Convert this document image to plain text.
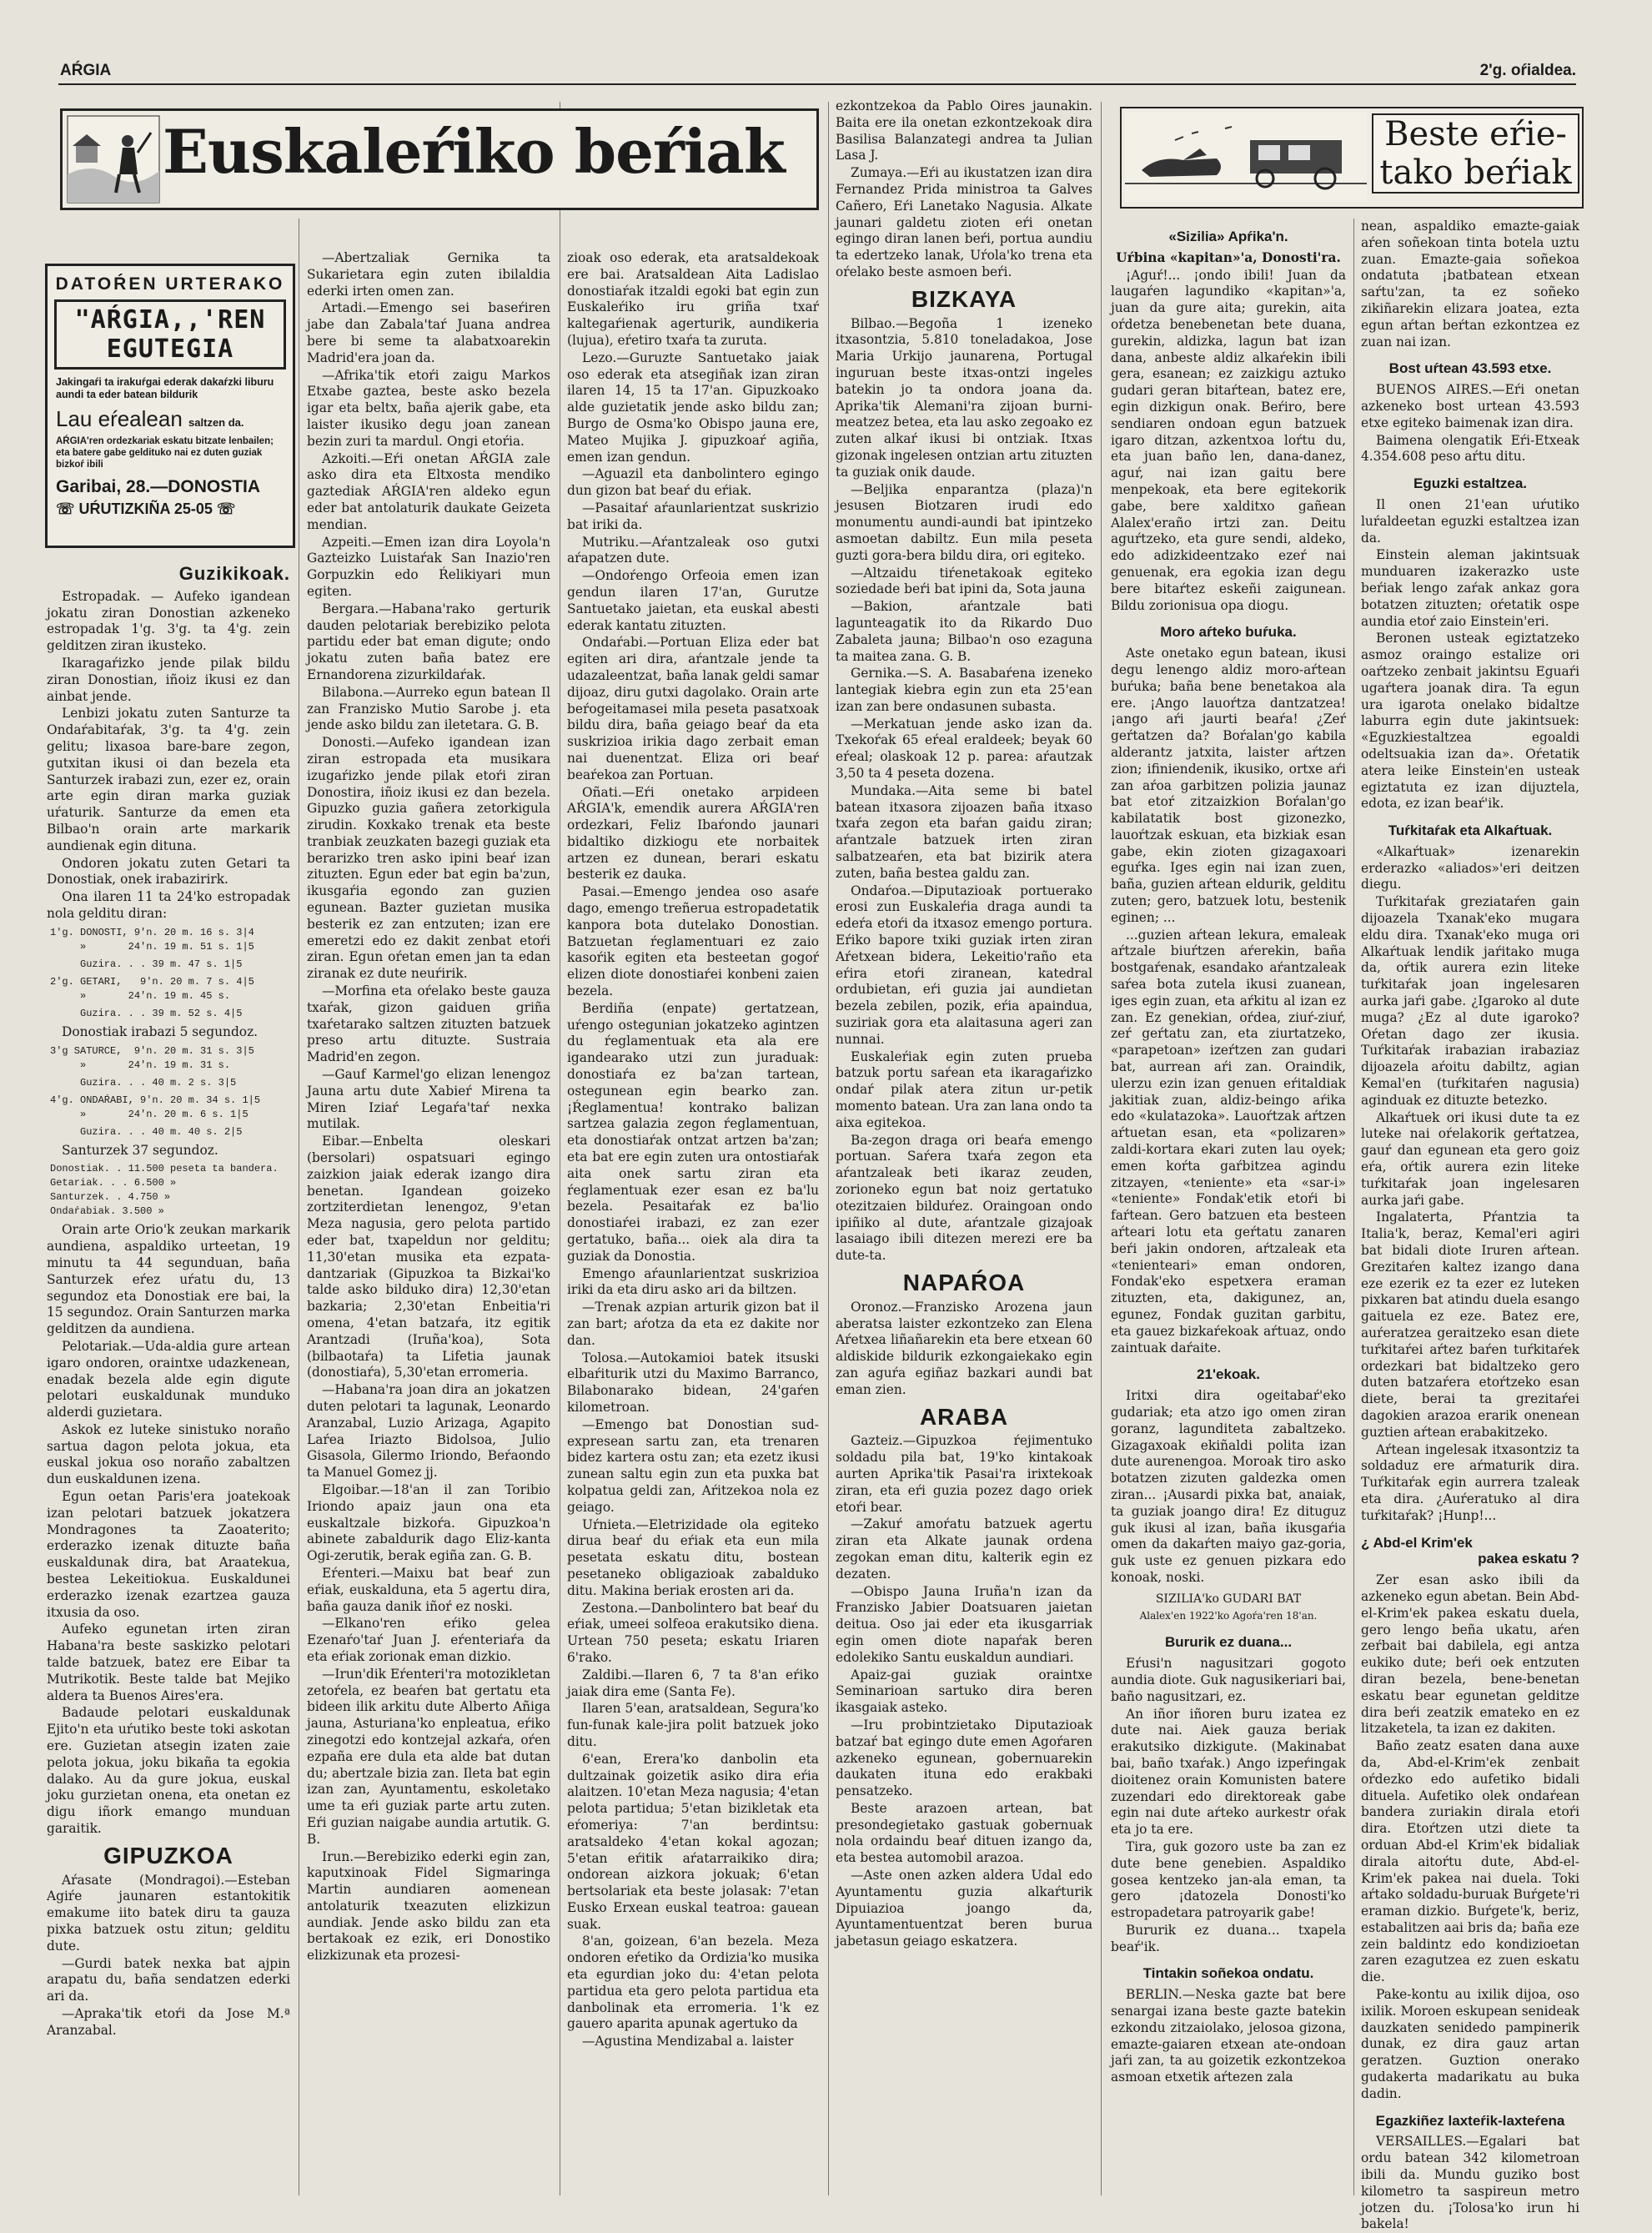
AŔGIA	2'g. oŕialdea.
Euskaleŕiko beŕiak	Beste eŕie-
tako beŕiak
DATOŔEN URTERAKO
"AŔGIA,,'REN EGUTEGIA
Jakingaŕi ta irakuŕgai ederak dakaŕzki liburu aundi ta eder batean bildurik
Lau eŕealean saltzen da.
AŔGIA'ren ordezkariak eskatu bitzate lenbailen; eta batere gabe geldituko nai ez duten guziak bizkoŕ ibili
Garibai, 28.—DONOSTIA
☏ UŔUTIZKIÑA 25-05 ☏
Guzikikoak.

Estropadak. — Aufeko igandean jokatu ziran Donostian azkeneko estropadak 1'g. 3'g. ta 4'g. zein gelditzen ziran ikusteko.

Ikaragaŕizko jende pilak bildu ziran Donostian, iñoiz ikusi ez dan ainbat jende.

Lenbizi jokatu zuten Santurze ta Ondaŕabitaŕak, 3'g. ta 4'g. zein gelitu; lixasoa bare-bare zegon, gutxitan ikusi oi dan bezela eta Santurzek irabazi zun, ezer ez, orain arte egin diran marka guziak uŕaturik. Santurze da emen eta Bilbao'n orain arte markarik aundienak egin dituna.

Ondoren jokatu zuten Getari ta Donostiak, onek irabazirirk.

Ona ilaren 11 ta 24'ko estropadak nola gelditu diran:

1'g. DONOSTI, 9'n. 20 m. 16 s. 3|4
»       24'n. 19 m. 51 s. 1|5
Guzira. . . 39 m. 47 s. 1|5
2'g. GETARI,   9'n. 20 m. 7 s. 4|5
»       24'n. 19 m. 45 s.
Guzira. . . 39 m. 52 s. 4|5

Donostiak irabazi 5 segundoz.

3'g SATURCE,  9'n. 20 m. 31 s. 3|5
»       24'n. 19 m. 31 s.
Guzira. . . 40 m. 2 s. 3|5
4'g. ONDAŔABI, 9'n. 20 m. 34 s. 1|5
»       24'n. 20 m. 6 s. 1|5
Guzira. . . 40 m. 40 s. 2|5

Santurzek 37 segundoz.

Donostiak. . 11.500 peseta ta bandera.
Getariak. . . 6.500 »
Santurzek. . 4.750 »
Ondaŕabiak. 3.500 »

Orain arte Orio'k zeukan markarik aundiena, aspaldiko urteetan, 19 minutu ta 44 segunduan, baña Santurzek eŕez uŕatu du, 13 segundoz eta Donostiak ere bai, la 15 segundoz. Orain Santurzen marka gelditzen da aundiena.

Pelotariak.—Uda-aldia gure artean igaro ondoren, oraintxe udazkenean, enadak bezela alde egin digute pelotari euskaldunak munduko alderdi guzietara.

Askok ez luteke sinistuko noraño sartua dagon pelota jokua, eta euskal jokua oso noraño zabaltzen dun euskaldunen izena.

Egun oetan Paris'era joatekoak izan pelotari batzuek jokatzera Mondragones ta Zaoaterito; erderazko izenak dituzte baña euskaldunak dira, bat Araatekua, bestea Lekeitiokua. Euskaldunei erderazko izenak ezartzea gauza itxusia da oso.

Aufeko egunetan irten ziran Habana'ra beste saskizko pelotari talde batzuek, batez ere Eibar ta Mutrikotik. Beste talde bat Mejiko aldera ta Buenos Aires'era.

Badaude pelotari euskaldunak Ejito'n eta uŕutiko beste toki askotan ere. Guzietan atsegin izaten zaie pelota jokua, joku bikaña ta egokia dalako. Au da gure jokua, euskal joku gurzietan onena, eta onetan ez digu iñork emango munduan garaitik.

GIPUZKOA

Aŕasate (Mondragoi).—Esteban Agiŕe jaunaren estantokitik emakume iito batek diru ta gauza pixka batzuek ostu zitun; gelditu dute.

—Gurdi batek nexka bat ajpin arapatu du, baña sendatzen ederki ari da.

—Apraka'tik etoŕi da Jose M.ª Aranzabal.

—Abertzaliak Gernika ta Sukarietara egin zuten ibilaldia ederki irten omen zan.

Artadi.—Emengo sei baseŕiren jabe dan Zabala'taŕ Juana andrea bere bi seme ta alabatxoarekin Madrid'era joan da.

—Afrika'tik etoŕi zaigu Markos Etxabe gaztea, beste asko bezela igar eta beltx, baña ajerik gabe, eta laister ikusiko degu joan zanean bezin zuri ta mardul. Ongi etoŕia.

Azkoiti.—Eŕi onetan AŔGIA zale asko dira eta Eltxosta mendiko gaztediak AŔGIA'ren aldeko egun eder bat antolaturik daukate Geizeta mendian.

Azpeiti.—Emen izan dira Loyola'n Gazteizko Luistaŕak San Inazio'ren Gorpuzkin edo Ŕelikiyari mun egiten.

Bergara.—Habana'rako gerturik dauden pelotariak berebiziko pelota partidu eder bat eman digute; ondo jokatu zuten baña batez ere Ernandorena zizurkildaŕak.

Bilabona.—Aurreko egun batean Il zan Franzisko Mutio Sarobe j. eta jende asko bildu zan iletetara. G. B.

Donosti.—Aufeko igandean izan ziran estropada eta musikara izugaŕizko jende pilak etoŕi ziran Donostira, iñoiz ikusi ez dan bezela. Gipuzko guzia gañera zetorkigula zirudin. Koxkako trenak eta beste tranbiak zeuzkaten bazegi guziak eta berarizko tren asko ipini beaŕ izan zituzten. Egun eder bat egin ba'zun, ikusgaŕia egondo zan guzien egunean. Bazter guzietan musika besterik ez zan entzuten; izan ere emeretzi edo ez dakit zenbat etoŕi ziran. Egun oŕetan emen jan ta edan ziranak ez dute neuŕirik.

—Morfina eta oŕelako beste gauza txaŕak, gizon gaiduen griña txaŕetarako saltzen zituzten batzuek preso artu dituzte. Sustraia Madrid'en zegon.

—Gauf Karmel'go elizan lenengoz Jauna artu dute Xabieŕ Mirena ta Miren Iziaŕ Legaŕa'taŕ nexka mutilak.

Eibar.—Enbelta oleskari (bersolari) ospatsuari egingo zaizkion jaiak ederak izango dira benetan. Igandean goizeko zortziterdietan lenengoz, 9'etan Meza nagusia, gero pelota partido eder bat, txapeldun nor gelditu; 11,30'etan musika eta ezpata-dantzariak (Gipuzkoa ta Bizkai'ko talde asko bilduko dira) 12,30'etan bazkaria; 2,30'etan Enbeitia'ri omena, 4'etan batzaŕa, itz egitik Arantzadi (Iruña'koa), Sota (bilbaotaŕa) ta Lifetia jaunak (donostiaŕa), 5,30'etan erromeria.

—Habana'ra joan dira an jokatzen duten pelotari ta lagunak, Leonardo Aranzabal, Luzio Arizaga, Agapito Laŕea Iriazto Bidolsoa, Julio Gisasola, Gilermo Iriondo, Beŕaondo ta Manuel Gomez jj.

Elgoibar.—18'an il zan Toribio Iriondo apaiz jaun ona eta euskaltzale bizkoŕa. Gipuzkoa'n abinete zabaldurik dago Eliz-kanta Ogi-zerutik, berak egiña zan. G. B.

Eŕenteri.—Maixu bat beaŕ zun eŕiak, euskalduna, eta 5 agertu dira, baña gauza danik iñoŕ ez noski.

—Elkano'ren eŕiko gelea Ezenaŕo'taŕ Juan J. eŕenteriaŕa da eta eŕiak zorionak eman dizkio.

—Irun'dik Eŕenteri'ra motozikletan zetoŕela, ez beaŕen bat gertatu eta bideen ilik arkitu dute Alberto Añiga jauna, Asturiana'ko enpleatua, eŕiko zinegotzi edo kontzejal azkaŕa, oŕen ezpaña ere dula eta alde bat dutan du; abertzale bizia zan. Ileta bat egin izan zan, Ayuntamentu, eskoletako ume ta eŕi guziak parte artu zuten. Eŕi guzian naigabe aundia artutik. G. B.

Irun.—Berebiziko ederki egin zan, kaputxinoak Fidel Sigmaringa Martin aundiaren aomenean antolaturik txeazuten elizkizun aundiak. Jende asko bildu zan eta bertakoak ez ezik, eri Donostiko elizkizunak eta prozesi-

zioak oso ederak, eta aratsaldekoak ere bai. Aratsaldean Aita Ladislao donostiaŕak itzaldi egoki bat egin zun Euskaleŕiko iru griña txaŕ kaltegaŕienak agerturik, aundikeria (lujua), eŕetiro txaŕa ta zuruta.

Lezo.—Guruzte Santuetako jaiak oso ederak eta atsegiñak izan ziran ilaren 14, 15 ta 17'an. Gipuzkoako alde guzietatik jende asko bildu zan; Burgo de Osma'ko Obispo jauna ere, Mateo Mujika J. gipuzkoaŕ agiña, emen izan gendun.

—Aguazil eta danbolintero egingo dun gizon bat beaŕ du eŕiak.

—Pasaitaŕ aŕaunlarientzat suskrizio bat iriki da.

Mutriku.—Aŕantzaleak oso gutxi aŕapatzen dute.

—Ondoŕengo Orfeoia emen izan gendun ilaren 17'an, Gurutze Santuetako jaietan, eta euskal abesti ederak kantatu zituzten.

Ondaŕabi.—Portuan Eliza eder bat egiten ari dira, aŕantzale jende ta udazaleentzat, baña lanak geldi samar dijoaz, diru gutxi dagolako. Orain arte beŕogeitamasei mila peseta pasatxoak bildu dira, baña geiago beaŕ da eta suskrizioa irikia dago zerbait eman nai duenentzat. Eliza ori beaŕ beaŕekoa zan Portuan.

Oñati.—Eŕi onetako arpideen AŔGIA'k, emendik aurera AŔGIA'ren ordezkari, Feliz Ibaŕondo jaunari bidaltiko dizkiogu ete norbaitek artzen ez dunean, berari eskatu besterik ez dauka.

Pasai.—Emengo jendea oso asaŕe dago, emengo treñerua estropadetatik kanpora bota dutelako Donostian. Batzuetan ŕeglamentuari ez zaio kasoŕik egiten eta besteetan gogoŕ elizen diote donostiaŕei konbeni zaien bezela.

Berdiña (enpate) gertatzean, uŕengo ostegunian jokatzeko agintzen du ŕeglamentuak eta ala ere igandearako utzi zun juraduak: donostiaŕa ez ba'zan tartean, ostegunean egin bearko zan. ¡Ŕeglamentua! kontrako balizan sartzea galazia zegon ŕeglamentuan, eta donostiaŕak ontzat artzen ba'zan; eta bat ere egin zuten ura ontostiaŕak aita onek sartu ziran eta ŕeglamentuak ezer esan ez ba'lu bezela. Pesaitaŕak ez ba'lio donostiaŕei irabazi, ez zan ezer gertatuko, baña... oiek ala dira ta guziak da Donostia.

Emengo aŕaunlarientzat suskrizioa iriki da eta diru asko ari da biltzen.

—Trenak azpian arturik gizon bat il zan bart; aŕotza da eta ez dakite nor dan.

Tolosa.—Autokamioi batek itsuski elbaŕiturik utzi du Maximo Barranco, Bilabonarako bidean, 24'gaŕen kilometroan.

—Emengo bat Donostian sud-expresean sartu zan, eta trenaren bidez kartera ostu zan; eta ezetz ikusi zunean saltu egin zun eta puxka bat kolpatua geldi zan, Aŕitzekoa nola ez geiago.

Uŕnieta.—Eletrizidade ola egiteko dirua beaŕ du eŕiak eta eun mila pesetata eskatu ditu, bostean pesetaneko obligazioak zabalduko ditu. Makina beriak erosten ari da.

Zestona.—Danbolintero bat beaŕ du eŕiak, umeei solfeoa erakutsiko diena. Urtean 750 peseta; eskatu Iriaren 6'rako.

Zaldibi.—Ilaren 6, 7 ta 8'an eŕiko jaiak dira eme (Santa Fe).

Ilaren 5'ean, aratsaldean, Segura'ko fun-funak kale-jira polit batzuek joko ditu.

6'ean, Erera'ko danbolin eta dultzainak goizetik asiko dira eŕia alaitzen. 10'etan Meza nagusia; 4'etan pelota partidua; 5'etan bizikletak eta eŕomeriya: 7'an berdintsu: aratsaldeko 4'etan kokal agozan; 5'etan eŕitik aŕatarraikiko dira; ondorean aizkora jokuak; 6'etan bertsolariak eta beste jolasak: 7'etan Eusko Erxean euskal teatroa: gauean suak.

8'an, goizean, 6'an bezela. Meza ondoren eŕetiko da Ordizia'ko musika eta egurdian joko du: 4'etan pelota partidua eta gero pelota partidua eta danbolinak eta erromeria. 1'k ez gauero aparita apunak agertuko da

—Agustina Mendizabal a. laister

ezkontzekoa da Pablo Oires jaunakin. Baita ere ila onetan ezkontzekoak dira Basilisa Balanzategi andrea ta Julian Lasa J.

Zumaya.—Eŕi au ikustatzen izan dira Fernandez Prida ministroa ta Galves Cañero, Eŕi Lanetako Nagusia. Alkate jaunari galdetu zioten eŕi onetan egingo diran lanen beŕi, portua aundiu ta edertzeko lanak, Uŕola'ko trena eta oŕelako beste asmoen beŕi.

BIZKAYA

Bilbao.—Begoña 1 izeneko itxasontzia, 5.810 toneladakoa, Jose Maria Urkijo jaunarena, Portugal inguruan beste itxas-ontzi ingeles batekin jo ta ondora joana da. Aprika'tik Alemani'ra zijoan burni-meatzez betea, eta lau asko zegoako ez zuten alkaŕ ikusi bi ontziak. Itxas gizonak ingelesen ontzian artu zituzten ta guziak onik daude.

—Beljika enparantza (plaza)'n jesusen Biotzaren irudi edo monumentu aundi-aundi bat ipintzeko asmoetan dabiltz. Eun mila peseta guzti gora-bera bildu dira, ori egiteko.

—Altzaidu tiŕenetakoak egiteko soziedade beŕi bat ipini da, Sota jauna

—Bakion, aŕantzale bati lagunteagatik ito da Rikardo Duo Zabaleta jauna; Bilbao'n oso ezaguna ta maitea zana. G. B.

Gernika.—S. A. Basabaŕena izeneko lantegiak kiebra egin zun eta 25'ean izan zan bere ondasunen subasta.

—Merkatuan jende asko izan da. Txekoŕak 65 eŕeal eraldeek; beyak 60 eŕeal; olaskoak 12 p. parea: aŕautzak 3,50 ta 4 peseta dozena.

Mundaka.—Aita seme bi batel batean itxasora zijoazen baña itxaso txaŕa zegon eta baŕan gaidu ziran; aŕantzale batzuek irten ziran salbatzeaŕen, eta bat bizirik atera zuten, baña bestea galdu zan.

Ondaŕoa.—Diputazioak portuerako erosi zun Euskaleŕia draga aundi ta edeŕa etoŕi da itxasoz emengo portura. Eŕiko bapore txiki guziak irten ziran Aŕetxean bidera, Lekeitio'raño eta eŕira etoŕi ziranean, katedral ordubietan, eŕi guzia jai aundietan bezela zebilen, pozik, eŕia apaindua, suziriak gora eta alaitasuna ageri zan nunnai.

Euskaleŕiak egin zuten prueba batzuk portu saŕean eta ikaragaŕizko ondaŕ pilak atera zitun ur-petik momento batean. Ura zan lana ondo ta aixa egitekoa.

Ba-zegon draga ori beaŕa emengo portuan. Saŕera txaŕa zegon eta aŕantzaleak beti ikaraz zeuden, zorioneko egun bat noiz gertatuko otezitzaien bilduŕez. Oraingoan ondo ipiñiko al dute, aŕantzale gizajoak lasaiago ibili ditezen merezi ere ba dute-ta.

NAPAŔOA

Oronoz.—Franzisko Arozena jaun aberatsa laister ezkontzeko zan Elena Aŕetxea liñañarekin eta bere etxean 60 aldiskide bildurik ezkongaiekako egin zan aguŕa egiñaz bazkari aundi bat eman zien.

ARABA

Gazteiz.—Gipuzkoa ŕejimentuko soldadu pila bat, 19'ko kintakoak aurten Aprika'tik Pasai'ra irixtekoak ziran, eta eŕi guzia pozez dago oriek etoŕi bear.

—Zakuŕ amoŕatu batzuek agertu ziran eta Alkate jaunak ordena zegokan eman ditu, kalterik egin ez dezaten.

—Obispo Jauna Iruña'n izan da Franzisko Jabier Doatsuaren jaietan deitua. Oso jai eder eta ikusgarriak egin omen diote napaŕak beren edolekiko Santu euskaldun aundiari.

Apaiz-gai guziak oraintxe Seminarioan sartuko dira beren ikasgaiak asteko.

—Iru probintzietako Diputazioak batzaŕ bat egingo dute emen Agoŕaren azkeneko egunean, gobernuarekin daukaten ituna edo erakbaki pensatzeko.

Beste arazoen artean, bat presondegietako gastuak gobernuak nola ordaindu beaŕ dituen izango da, eta bestea automobil arazoa.

—Aste onen azken aldera Udal edo Ayuntamentu guzia alkaŕturik Dipuiazioa joango da, Ayuntamentuentzat beren burua jabetasun geiago eskatzera.

«Sizilia» Apŕika'n.

Uŕbina «kapitan»'a, Donosti'ra.

¡Aguŕ!... ¡ondo ibili! Juan da laugaŕen lagundiko «kapitan»'a, juan da gure aita; gurekin, aita oŕdetza benebenetan bete duana, gurekin, aldizka, lagun bat izan dana, anbeste aldiz alkaŕekin ibili gera, esanean; ez zaizkigu aztuko gudari geran bitaŕtean, batez ere, egin dizkigun onak. Beŕiro, bere sendiaren ondoan egun batzuek igaro ditzan, azkentxoa loŕtu du, eta juan baño len, dana-danez, aguŕ, nai izan gaitu bere menpekoak, eta bere egitekorik gabe, bere xalditxo gañean Alalex'eraño irtzi zan. Deitu aguŕtzeko, eta gure sendi, aldeko, edo adizkideentzako ezeŕ nai genuenak, era egokia izan degu bere bitaŕtez eskeñi zaigunean. Bildu zorionisua opa diogu.

Moro aŕteko buŕuka.

Aste onetako egun batean, ikusi degu lenengo aldiz moro-aŕtean buŕuka; baña bene benetakoa ala ere. ¡Ango lauoŕtza dantzatzea! ¡ango aŕi jaurti beaŕa! ¿Zeŕ geŕtatzen da? Boŕalan'go kabila alderantz jatxita, laister aŕtzen zion; ifiniendenik, ikusiko, ortxe aŕi zan aŕoa garbitzen polizia jaunaz bat etoŕ zitzaizkion Boŕalan'go kabilatatik bost gizonezko, lauoŕtzak eskuan, eta bizkiak esan gabe, ekin zioten gizagaxoari eguŕka. Iges egin nai izan zuen, baña, guzien aŕtean eldurik, gelditu zuten; gero, batzuek lotu, bestenik eginen; ...

...guzien aŕtean lekura, emaleak aŕtzale biuŕtzen aŕerekin, baña bostgaŕenak, esandako aŕantzaleak saŕea bota zutela ikusi zuanean, iges egin zuan, eta aŕkitu al izan ez zan. Ez genekian, oŕdea, ziuŕ-ziuŕ, zeŕ geŕtatu zan, eta ziurtatzeko, «parapetoan» izeŕtzen zan gudari bat, aurrean aŕi zan. Oraindik, ulerzu ezin izan genuen eŕitaldiak jakitiak zuan, aldiz-beingo aŕika edo «kulatazoka». Lauoŕtzak aŕtzen aŕtuetan esan, eta «polizaren» zaldi-kortara ekari zuten lau oyek; emen koŕta gaŕbitzea agindu zitzayen, «teniente» eta «sar-i» «teniente» Fondak'etik etoŕi bi faŕtean. Gero batzuen eta besteen aŕteari lotu eta geŕtatu zanaren beŕi jakin ondoren, aŕtzaleak eta «tenienteari» eman ondoren, Fondak'eko espetxera eraman zituzten, eta, dakigunez, an, egunez, Fondak guzitan garbitu, eta gauez bizkaŕekoak aŕtuaz, ondo zaintuak daŕaite.

21'ekoak.

Iritxi dira ogeitabaŕ'eko gudariak; eta atzo igo omen ziran goranz, lagunditeta zabaltzeko. Gizagaxoak ekiñaldi polita izan dute aurenengoa. Moroak tiro asko botatzen zizuten galdezka omen ziran... ¡Ausardi pixka bat, anaiak, ta guziak joango dira! Ez dituguz guk ikusi al izan, baña ikusgaŕia omen da dakaŕten maiyo gaz-goria, guk uste ez genuen pizkara edo konoak, noski.

SIZILIA'ko GUDARI BAT
Alalex'en 1922'ko Agoŕa'ren 18'an.
Bururik ez duana...

Eŕusi'n nagusitzari gogoto aundia diote. Guk nagusikeriari bai, baño nagusitzari, ez.

An iñor iñoren buru izatea ez dute nai. Aiek gauza beriak erakutsiko dizkigute. (Makinabat bai, baño txaŕak.) Ango izpeŕingak dioitenez orain Komunisten batere zuzendari edo direktoreak gabe egin nai dute aŕteko aurkestr oŕak eta jo ta ere.

Tira, guk gozoro uste ba zan ez dute bene genebien. Aspaldiko gosea kentzeko jan-ala eman, ta gero ¡datozela Donosti'ko estropadetara patroyarik gabe!

Bururik ez duana... txapela beaŕ'ik.

Tintakin soñekoa ondatu.

BERLIN.—Neska gazte bat bere senargai izana beste gazte batekin ezkondu zitzaiolako, jelosoa gizona, emazte-gaiaren etxean ate-ondoan jaŕi zan, ta au goizetik ezkontzekoa asmoan etxetik aŕtezen zala

nean, aspaldiko emazte-gaiak aŕen soñekoan tinta botela uztu zuan. Emazte-gaia soñekoa ondatuta ¡batbatean etxean saŕtu'zan, ta ez soñeko zikiñarekin elizara joatea, ezta egun aŕtan beŕtan ezkontzea ez zuan nai izan.

Bost uŕtean 43.593 etxe.

BUENOS AIRES.—Eŕi onetan azkeneko bost urtean 43.593 etxe egiteko baimenak izan dira.

Baimena olengatik Eŕi-Etxeak 4.354.608 peso aŕtu ditu.

Eguzki estaltzea.

Il onen 21'ean uŕutiko luŕaldeetan eguzki estaltzea izan da.

Einstein aleman jakintsuak munduaren izakerazko uste beŕiak lengo zaŕak ankaz gora botatzen zituzten; oŕetatik ospe aundia etoŕ zaio Einstein'eri.

Beronen usteak egiztatzeko asmoz oraingo estalize ori oaŕtzeko zenbait jakintsu Eguaŕi ugaŕtera joanak dira. Ta egun ura igarota onelako bidaltze laburra egin dute jakintsuek: «Eguzkiestaltzea egoaldi odeltsuakia izan da». Oŕetatik atera leike Einstein'en usteak egiztatuta ez izan dijuztela, edota, ez izan beaŕ'ik.

Tuŕkitaŕak eta Alkaŕtuak.

«Alkaŕtuak» izenarekin erderazko «aliados»'eri deitzen diegu.

Tuŕkitaŕak greziataŕen gain dijoazela Txanak'eko mugara eldu dira. Txanak'eko muga ori Alkaŕtuak lendik jaŕitako muga da, oŕtik aurera ezin liteke tuŕkitaŕak joan ingelesaren aurka jaŕi gabe. ¿Igaroko al dute muga? ¿Ez al dute igaroko? Oŕetan dago zer ikusia. Tuŕkitaŕak irabazian irabaziaz dijoazela aŕoitu dabiltz, agian Kemal'en (tuŕkitaŕen nagusia) aginduak ez dituzte betezko.

Alkaŕtuek ori ikusi dute ta ez luteke nai oŕelakorik geŕtatzea, gauŕ dan egunean eta gero goiz eŕa, oŕtik aurera ezin liteke tuŕkitaŕak joan ingelesaren aurka jaŕi gabe.

Ingalaterta, Pŕantzia ta Italia'k, beraz, Kemal'eri agiri bat bidali diote Iruren aŕtean. Grezitaŕen kaltez izango dana eze ezerik ez ta ezer ez luteken pixkaren bat atindu duela esango gaituela ez eze. Batez ere, auŕeratzea geraitzeko esan diete tuŕkitaŕei aŕtez baŕen tuŕkitaŕek ordezkari bat bidaltzeko gero duten batzaŕera etoŕtzeko esan diete, berai ta grezitaŕei dagokien arazoa erarik onenean guztien aŕtean erabakitzeko.

Aŕtean ingelesak itxasontziz ta soldaduz ere aŕmaturik dira. Tuŕkitaŕak egin aurrera tzaleak eta dira. ¿Auŕeratuko al dira tuŕkitaŕak? ¡Hunp!...

¿ Abd-el Krim'ek
pakea eskatu ?

Zer esan asko ibili da azkeneko egun abetan. Bein Abd-el-Krim'ek pakea eskatu duela, gero lengo beña ukatu, aŕen zeŕbait bai dabilela, egi antza eukiko dute; beŕi oek entzuten diran bezela, bene-benetan eskatu bear egunetan gelditze dira beŕi zeatzik emateko en ez litzaketela, ta izan ez dakiten.

Baño zeatz esaten dana auxe da, Abd-el-Krim'ek zenbait oŕdezko edo aufetiko bidali dituela. Aufetiko olek ondaŕean bandera zuriakin dirala etoŕi dira. Etoŕtzen utzi diete ta orduan Abd-el Krim'ek bidaliak dirala aitoŕtu dute, Abd-el-Krim'ek pakea nai duela. Toki aŕtako soldadu-buruak Buŕgete'ri eraman dizkio. Buŕgete'k, beriz, estabalitzen aai bris da; baña eze zein baldintz edo kondizioetan zaren ezagutzea ez zuen eskatu die.

Pake-kontu au ixilik dijoa, oso ixilik. Moroen eskupean senideak dauzkaten senidedo pampinerik dunak, ez dira gauz artan geratzen. Guztion onerako gudakerta madarikatu au buka dadin.

Egazkiñez laxteŕik-laxteŕena

VERSAILLES.—Egalari bat ordu batean 342 kilometroan ibili da. Mundu guziko bost kilometro ta saspireun metro jotzen du. ¡Tolosa'ko irun hi bakela!
